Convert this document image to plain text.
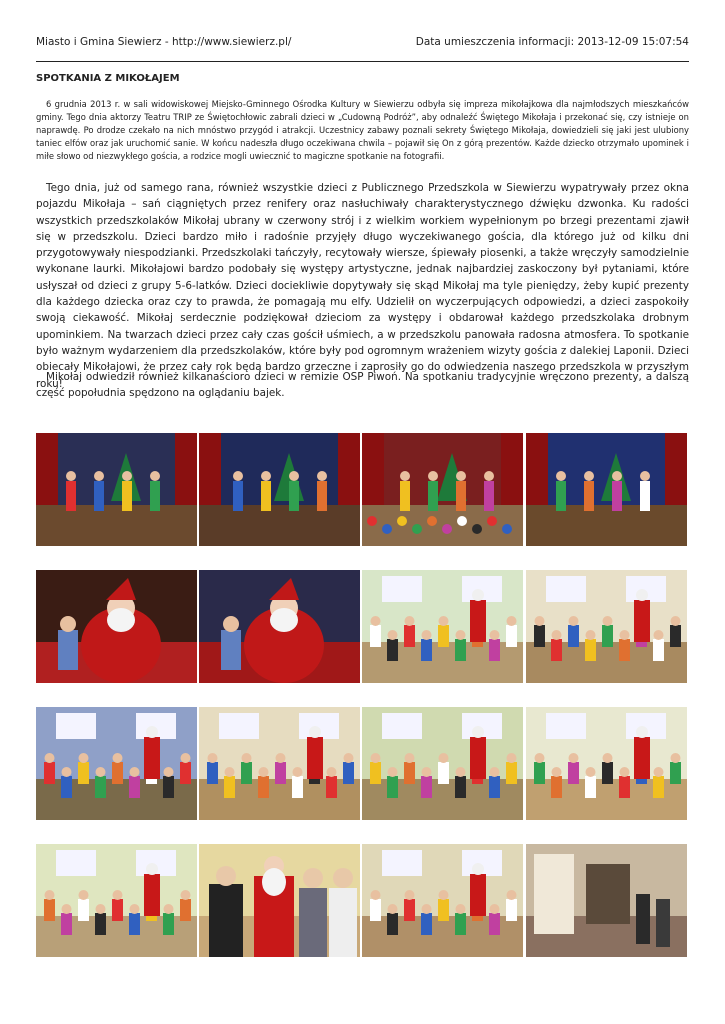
Miasto i Gmina Siewierz - http://www.siewierz.pl/	Data umieszczenia informacji: 2013-12-09 15:07:54
SPOTKANIA Z MIKOŁAJEM

6 grudnia 2013 r. w sali widowiskowej Miejsko-Gminnego Ośrodka Kultury w Siewierzu odbyła się impreza mikołajkowa dla najmłodszych mieszkańców gminy. Tego dnia aktorzy Teatru TRIP ze Świętochłowic zabrali dzieci w „Cudowną Podróż”, aby odnaleźć Świętego Mikołaja i przekonać się, czy istnieje on naprawdę. Po drodze czekało na nich mnóstwo przygód i atrakcji. Uczestnicy zabawy poznali sekrety Świętego Mikołaja, dowiedzieli się jaki jest ulubiony taniec elfów oraz jak uruchomić sanie. W końcu nadeszła długo oczekiwana chwila – pojawił się On z górą prezentów. Każde dziecko otrzymało upominek i miłe słowo od niezwykłego gościa, a rodzice mogli uwiecznić to magiczne spotkanie na fotografii.

Tego dnia, już od samego rana, również wszystkie dzieci z Publicznego Przedszkola w Siewierzu wypatrywały przez okna pojazdu Mikołaja – sań ciągniętych przez renifery oraz nasłuchiwały charakterystycznego dźwięku dzwonka. Ku radości wszystkich przedszkolaków Mikołaj ubrany w czerwony strój i z wielkim workiem wypełnionym po brzegi prezentami zjawił się w przedszkolu. Dzieci bardzo miło i radośnie przyjęły długo wyczekiwanego gościa, dla którego już od kilku dni przygotowywały niespodzianki. Przedszkolaki tańczyły, recytowały wiersze, śpiewały piosenki, a także wręczyły samodzielnie wykonane laurki. Mikołajowi bardzo podobały się występy artystyczne, jednak najbardziej zaskoczony był pytaniami, które usłyszał od dzieci z grupy 5-6-latków. Dzieci dociekliwie dopytywały się skąd Mikołaj ma tyle pieniędzy, żeby kupić prezenty dla każdego dziecka oraz czy to prawda, że pomagają mu elfy. Udzielił on wyczerpujących odpowiedzi, a dzieci zaspokoiły swoją ciekawość. Mikołaj serdecznie podziękował dzieciom za występy i obdarował każdego przedszkolaka drobnym upominkiem. Na twarzach dzieci przez cały czas gościł uśmiech, a w przedszkolu panowała radosna atmosfera. To spotkanie było ważnym wydarzeniem dla przedszkolaków, które były pod ogromnym wrażeniem wizyty gościa z dalekiej Laponii. Dzieci obiecały Mikołajowi, że przez cały rok będą bardzo grzeczne i zaprosiły go do odwiedzenia naszego przedszkola w przyszłym roku!

Mikołaj odwiedził również kilkanaściorо dzieci w remizie OSP Piwoń. Na spotkaniu tradycyjnie wręczono prezenty, a dalszą część popołudnia spędzono na oglądaniu bajek.
